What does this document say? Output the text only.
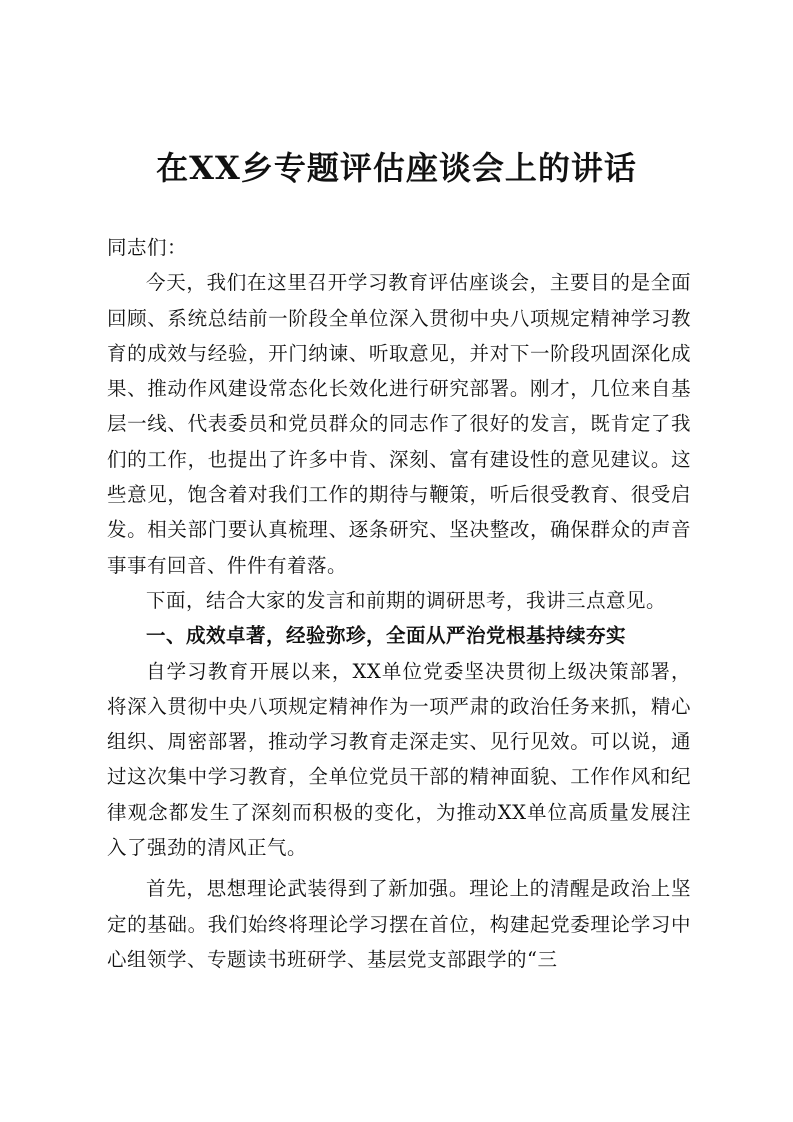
在XX乡专题评估座谈会上的讲话

同志们：

今天，我们在这里召开学习教育评估座谈会，主要目的是全面回顾、系统总结前一阶段全单位深入贯彻中央八项规定精神学习教育的成效与经验，开门纳谏、听取意见，并对下一阶段巩固深化成果、推动作风建设常态化长效化进行研究部署。刚才，几位来自基层一线、代表委员和党员群众的同志作了很好的发言，既肯定了我们的工作，也提出了许多中肯、深刻、富有建设性的意见建议。这些意见，饱含着对我们工作的期待与鞭策，听后很受教育、很受启发。相关部门要认真梳理、逐条研究、坚决整改，确保群众的声音事事有回音、件件有着落。

下面，结合大家的发言和前期的调研思考，我讲三点意见。

一、成效卓著，经验弥珍，全面从严治党根基持续夯实

自学习教育开展以来，XX单位党委坚决贯彻上级决策部署，将深入贯彻中央八项规定精神作为一项严肃的政治任务来抓，精心组织、周密部署，推动学习教育走深走实、见行见效。可以说，通过这次集中学习教育，全单位党员干部的精神面貌、工作作风和纪律观念都发生了深刻而积极的变化，为推动XX单位高质量发展注入了强劲的清风正气。

首先，思想理论武装得到了新加强。理论上的清醒是政治上坚定的基础。我们始终将理论学习摆在首位，构建起党委理论学习中心组领学、专题读书班研学、基层党支部跟学的“三
